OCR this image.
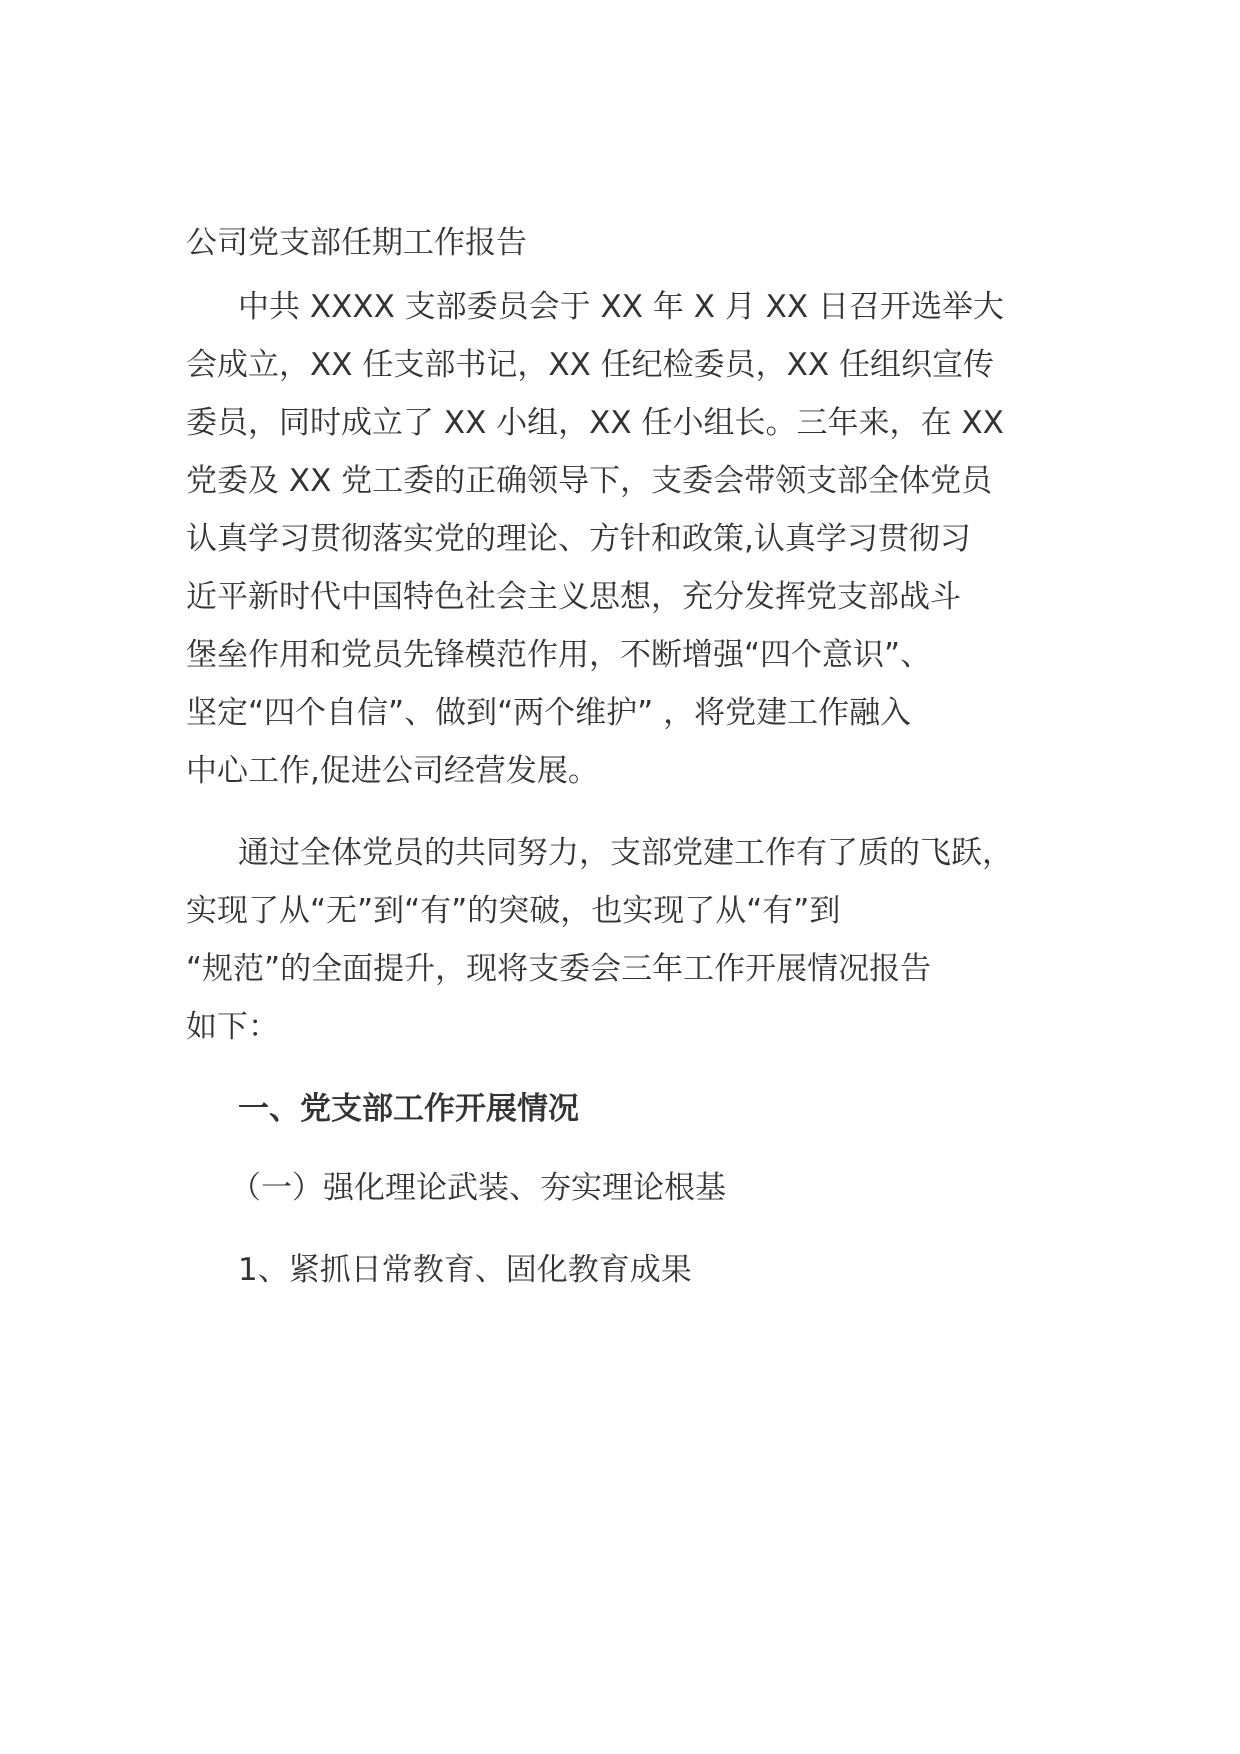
公司党支部任期工作报告

中共 XXXX 支部委员会于 XX 年 X 月 XX 日召开选举大

会成立，XX 任支部书记，XX 任纪检委员，XX 任组织宣传

委员，同时成立了 XX 小组，XX 任小组长。三年来，在 XX

党委及 XX 党工委的正确领导下，支委会带领支部全体党员

认真学习贯彻落实党的理论、方针和政策,认真学习贯彻习

近平新时代中国特色社会主义思想，充分发挥党支部战斗

堡垒作用和党员先锋模范作用，不断增强“四个意识”、

坚定“四个自信”、做到“两个维护” ，将党建工作融入

中心工作,促进公司经营发展。

通过全体党员的共同努力，支部党建工作有了质的飞跃，

实现了从“无”到“有”的突破，也实现了从“有”到

“规范”的全面提升，现将支委会三年工作开展情况报告

如下：

一、党支部工作开展情况
（一）强化理论武装、夯实理论根基
1、紧抓日常教育、固化教育成果
